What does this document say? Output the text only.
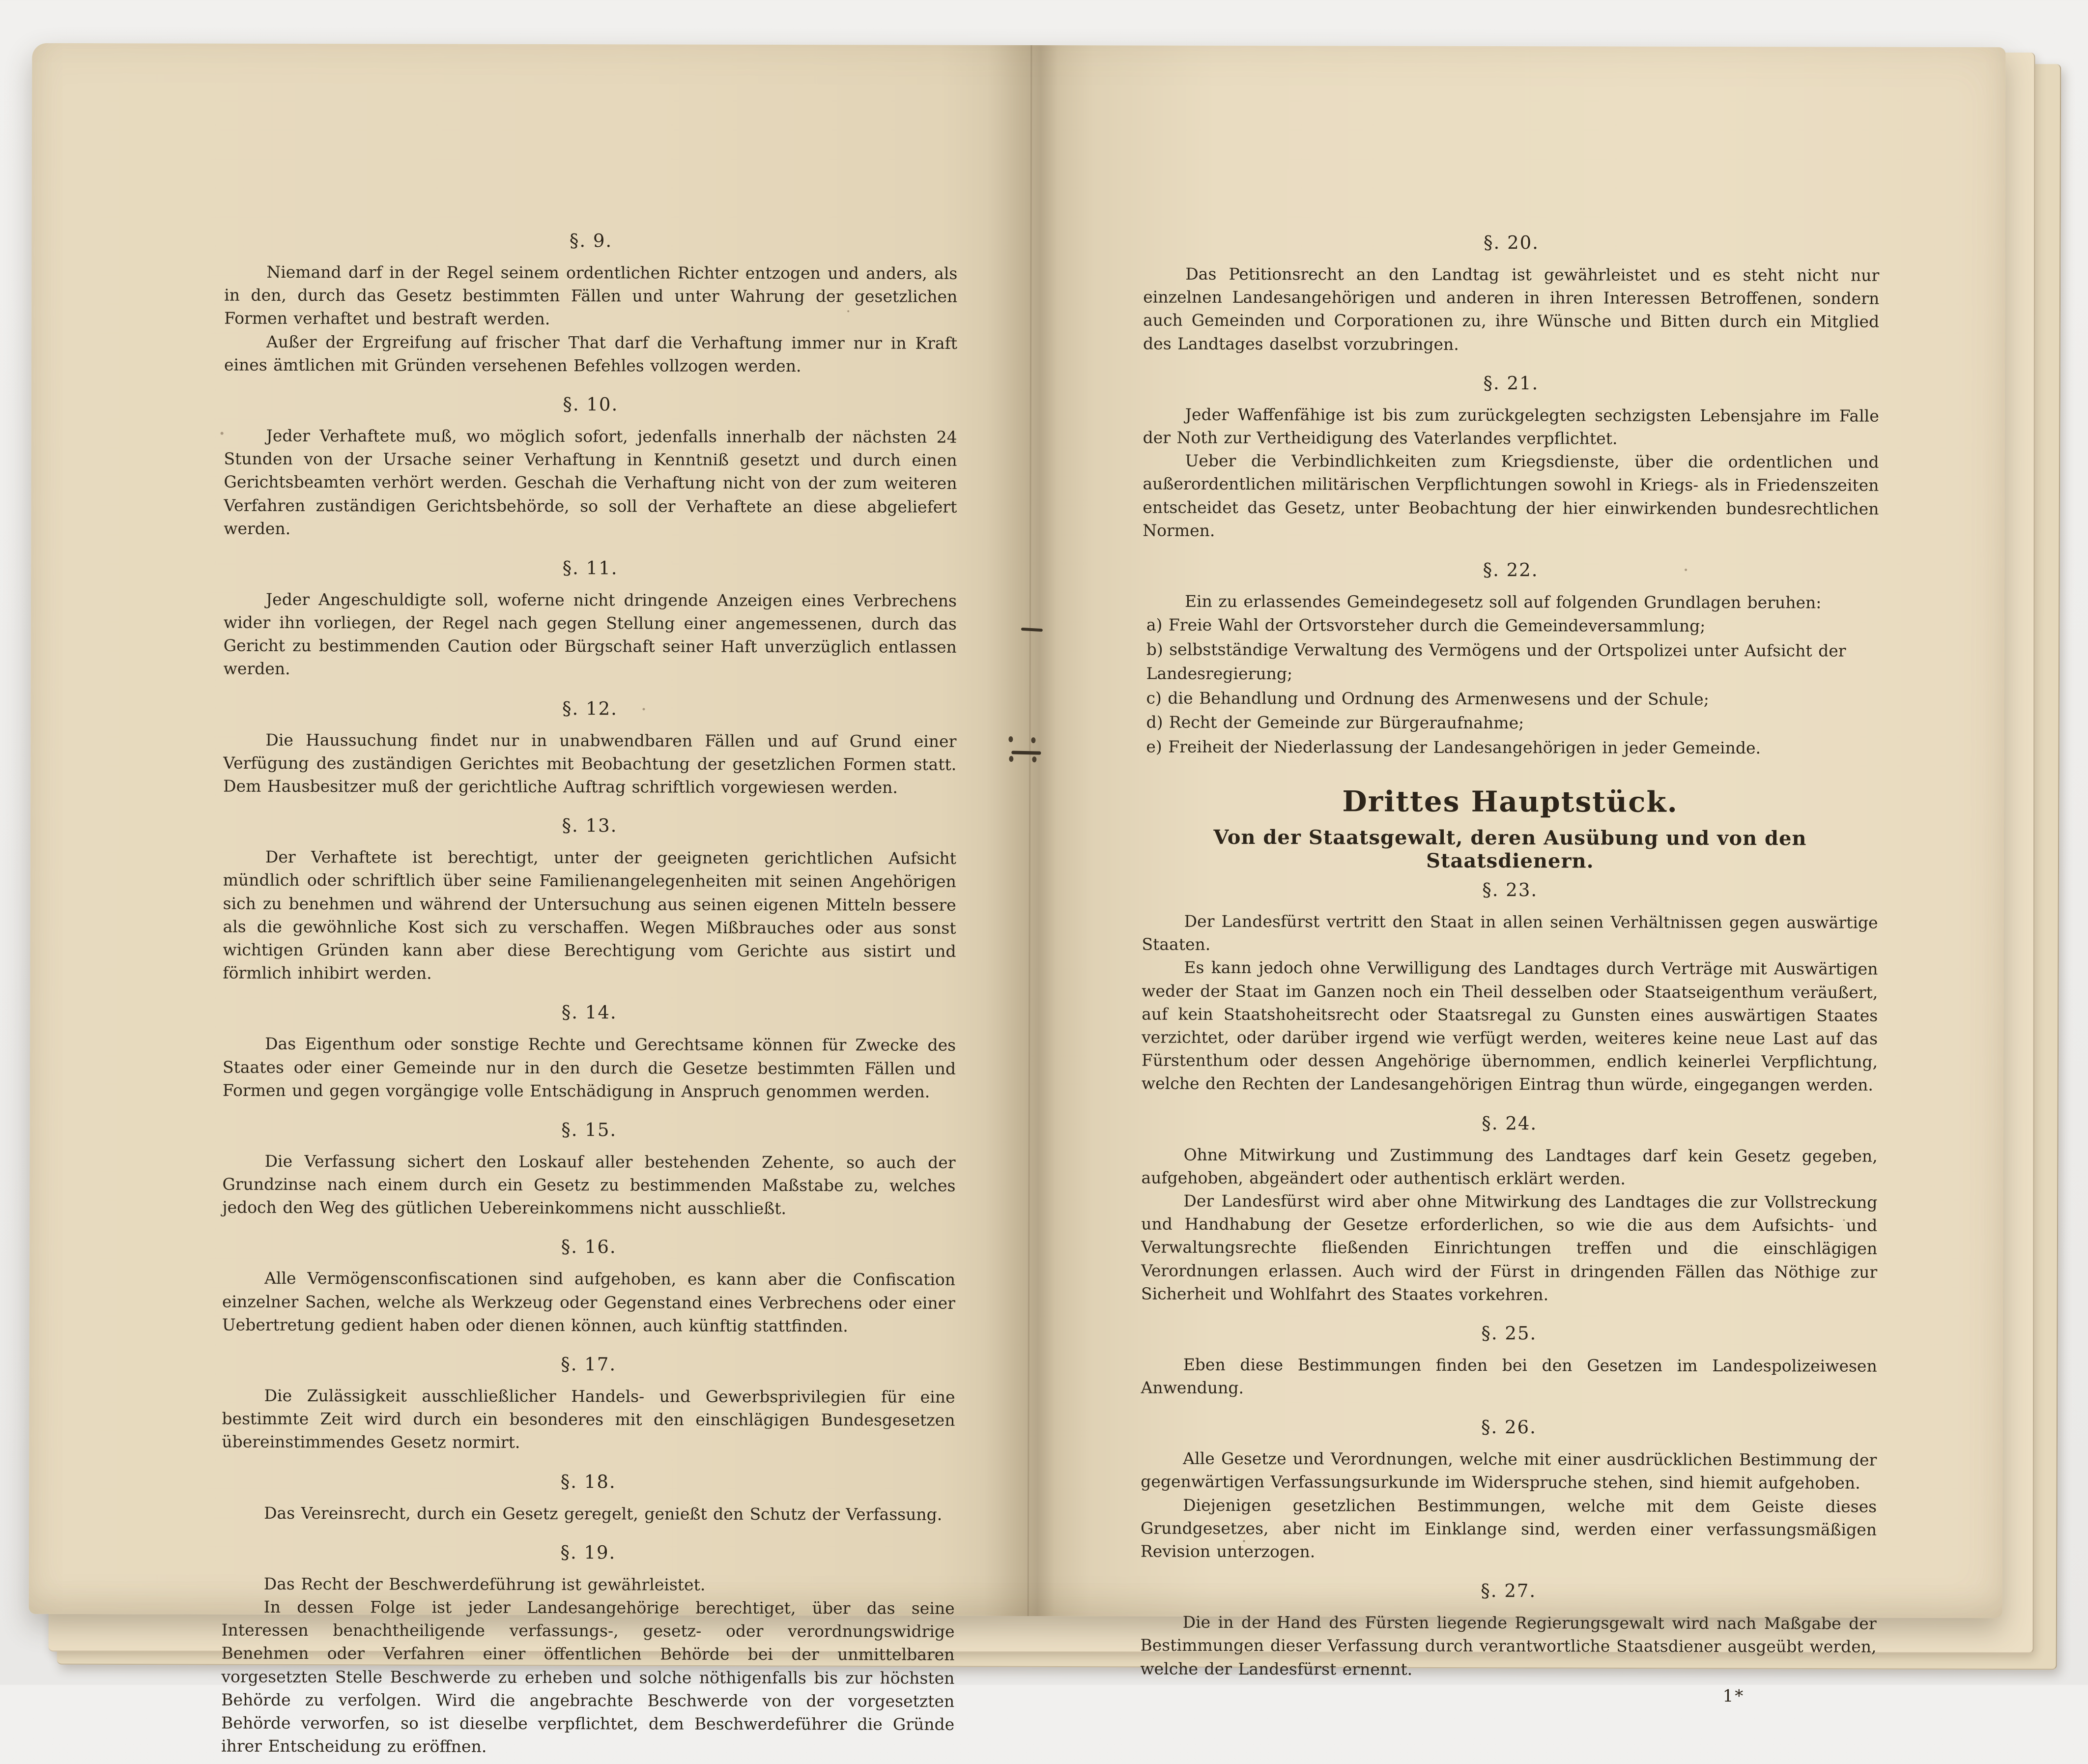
§. 9.

Niemand darf in der Regel seinem ordentlichen Richter entzogen und anders, als in den, durch das Gesetz bestimmten Fällen und unter Wahrung der gesetzlichen Formen verhaftet und bestraft werden.

Außer der Ergreifung auf frischer That darf die Verhaftung immer nur in Kraft eines ämtlichen mit Gründen versehenen Befehles vollzogen werden.

§. 10.

Jeder Verhaftete muß, wo möglich sofort, jedenfalls innerhalb der nächsten 24 Stunden von der Ursache seiner Verhaftung in Kenntniß gesetzt und durch einen Gerichtsbeamten verhört werden. Geschah die Verhaftung nicht von der zum weiteren Verfahren zuständigen Gerichtsbehörde, so soll der Verhaftete an diese abgeliefert werden.

§. 11.

Jeder Angeschuldigte soll, woferne nicht dringende Anzeigen eines Verbrechens wider ihn vorliegen, der Regel nach gegen Stellung einer angemessenen, durch das Gericht zu bestimmenden Caution oder Bürgschaft seiner Haft unverzüglich entlassen werden.

§. 12.

Die Haussuchung findet nur in unabwendbaren Fällen und auf Grund einer Verfügung des zuständigen Gerichtes mit Beobachtung der gesetzlichen Formen statt. Dem Hausbesitzer muß der gerichtliche Auftrag schriftlich vorgewiesen werden.

§. 13.

Der Verhaftete ist berechtigt, unter der geeigneten gerichtlichen Aufsicht mündlich oder schriftlich über seine Familienangelegenheiten mit seinen Angehörigen sich zu benehmen und während der Untersuchung aus seinen eigenen Mitteln bessere als die gewöhnliche Kost sich zu verschaffen. Wegen Mißbrauches oder aus sonst wichtigen Gründen kann aber diese Berechtigung vom Gerichte aus sistirt und förmlich inhibirt werden.

§. 14.

Das Eigenthum oder sonstige Rechte und Gerechtsame können für Zwecke des Staates oder einer Gemeinde nur in den durch die Gesetze bestimmten Fällen und Formen und gegen vorgängige volle Entschädigung in Anspruch genommen werden.

§. 15.

Die Verfassung sichert den Loskauf aller bestehenden Zehente, so auch der Grundzinse nach einem durch ein Gesetz zu bestimmenden Maßstabe zu, welches jedoch den Weg des gütlichen Uebereinkommens nicht ausschließt.

§. 16.

Alle Vermögensconfiscationen sind aufgehoben, es kann aber die Confiscation einzelner Sachen, welche als Werkzeug oder Gegenstand eines Verbrechens oder einer Uebertretung gedient haben oder dienen können, auch künftig stattfinden.

§. 17.

Die Zulässigkeit ausschließlicher Handels- und Gewerbsprivilegien für eine bestimmte Zeit wird durch ein besonderes mit den einschlägigen Bundesgesetzen übereinstimmendes Gesetz normirt.

§. 18.

Das Vereinsrecht, durch ein Gesetz geregelt, genießt den Schutz der Verfassung.

§. 19.

Das Recht der Beschwerdeführung ist gewährleistet.

In dessen Folge ist jeder Landesangehörige berechtiget, über das seine Interessen benachtheiligende verfassungs-, gesetz- oder verordnungswidrige Benehmen oder Verfahren einer öffentlichen Behörde bei der unmittelbaren vorgesetzten Stelle Beschwerde zu erheben und solche nöthigenfalls bis zur höchsten Behörde zu verfolgen. Wird die angebrachte Beschwerde von der vorgesetzten Behörde verworfen, so ist dieselbe verpflichtet, dem Beschwerdeführer die Gründe ihrer Entscheidung zu eröffnen.

§. 20.

Das Petitionsrecht an den Landtag ist gewährleistet und es steht nicht nur einzelnen Landesangehörigen und anderen in ihren Interessen Betroffenen, sondern auch Gemeinden und Corporationen zu, ihre Wünsche und Bitten durch ein Mitglied des Landtages daselbst vorzubringen.

§. 21.

Jeder Waffenfähige ist bis zum zurückgelegten sechzigsten Lebensjahre im Falle der Noth zur Vertheidigung des Vaterlandes verpflichtet.

Ueber die Verbindlichkeiten zum Kriegsdienste, über die ordentlichen und außerordentlichen militärischen Verpflichtungen sowohl in Kriegs- als in Friedenszeiten entscheidet das Gesetz, unter Beobachtung der hier einwirkenden bundesrechtlichen Normen.

§. 22.

Ein zu erlassendes Gemeindegesetz soll auf folgenden Grundlagen beruhen:

a) Freie Wahl der Ortsvorsteher durch die Gemeindeversammlung;

b) selbstständige Verwaltung des Vermögens und der Ortspolizei unter Aufsicht der Landesregierung;

c) die Behandlung und Ordnung des Armenwesens und der Schule;

d) Recht der Gemeinde zur Bürgeraufnahme;

e) Freiheit der Niederlassung der Landesangehörigen in jeder Gemeinde.

Drittes Hauptstück.
Von der Staatsgewalt, deren Ausübung und von den Staatsdienern.
§. 23.

Der Landesfürst vertritt den Staat in allen seinen Verhältnissen gegen auswärtige Staaten.

Es kann jedoch ohne Verwilligung des Landtages durch Verträge mit Auswärtigen weder der Staat im Ganzen noch ein Theil desselben oder Staatseigenthum veräußert, auf kein Staatshoheitsrecht oder Staatsregal zu Gunsten eines auswärtigen Staates verzichtet, oder darüber irgend wie verfügt werden, weiteres keine neue Last auf das Fürstenthum oder dessen Angehörige übernommen, endlich keinerlei Verpflichtung, welche den Rechten der Landesangehörigen Eintrag thun würde, eingegangen werden.

§. 24.

Ohne Mitwirkung und Zustimmung des Landtages darf kein Gesetz gegeben, aufgehoben, abgeändert oder authentisch erklärt werden.

Der Landesfürst wird aber ohne Mitwirkung des Landtages die zur Vollstreckung und Handhabung der Gesetze erforderlichen, so wie die aus dem Aufsichts- und Verwaltungsrechte fließenden Einrichtungen treffen und die einschlägigen Verordnungen erlassen. Auch wird der Fürst in dringenden Fällen das Nöthige zur Sicherheit und Wohlfahrt des Staates vorkehren.

§. 25.

Eben diese Bestimmungen finden bei den Gesetzen im Landespolizeiwesen Anwendung.

§. 26.

Alle Gesetze und Verordnungen, welche mit einer ausdrücklichen Bestimmung der gegenwärtigen Verfassungsurkunde im Widerspruche stehen, sind hiemit aufgehoben.

Diejenigen gesetzlichen Bestimmungen, welche mit dem Geiste dieses Grundgesetzes, aber nicht im Einklange sind, werden einer verfassungsmäßigen Revision unterzogen.

§. 27.

Die in der Hand des Fürsten liegende Regierungsgewalt wird nach Maßgabe der Bestimmungen dieser Verfassung durch verantwortliche Staatsdiener ausgeübt werden, welche der Landesfürst ernennt.

1*
